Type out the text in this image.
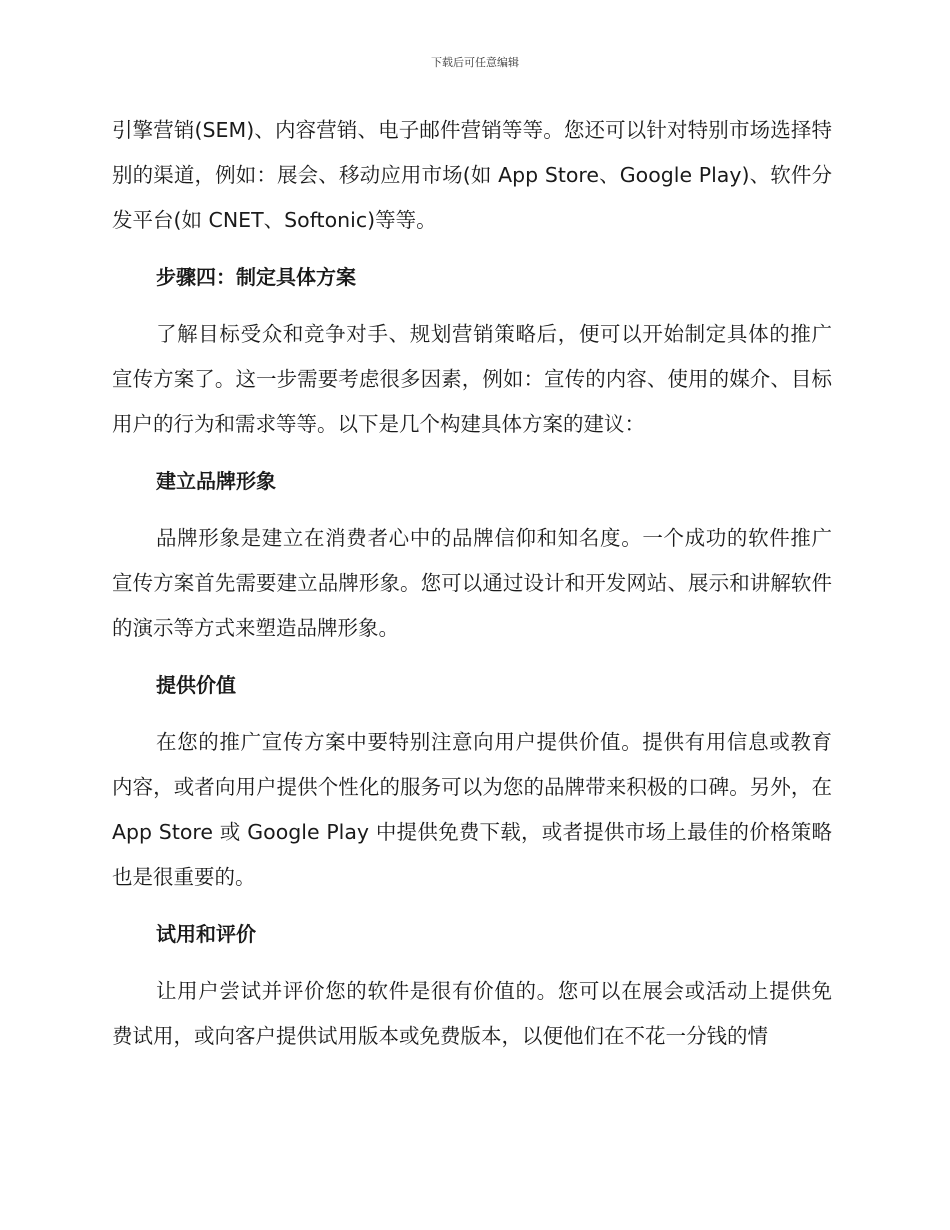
下载后可任意编辑

引擎营销(SEM)、内容营销、电子邮件营销等等。您还可以针对特别市场选择特别的渠道，例如：展会、移动应用市场(如 App Store、Google Play)、软件分发平台(如 CNET、Softonic)等等。

步骤四：制定具体方案

了解目标受众和竞争对手、规划营销策略后，便可以开始制定具体的推广宣传方案了。这一步需要考虑很多因素，例如：宣传的内容、使用的媒介、目标用户的行为和需求等等。以下是几个构建具体方案的建议：

建立品牌形象

品牌形象是建立在消费者心中的品牌信仰和知名度。一个成功的软件推广宣传方案首先需要建立品牌形象。您可以通过设计和开发网站、展示和讲解软件的演示等方式来塑造品牌形象。

提供价值

在您的推广宣传方案中要特别注意向用户提供价值。提供有用信息或教育内容，或者向用户提供个性化的服务可以为您的品牌带来积极的口碑。另外，在 App Store 或 Google Play 中提供免费下载，或者提供市场上最佳的价格策略也是很重要的。

试用和评价

让用户尝试并评价您的软件是很有价值的。您可以在展会或活动上提供免费试用，或向客户提供试用版本或免费版本，以便他们在不花一分钱的情
